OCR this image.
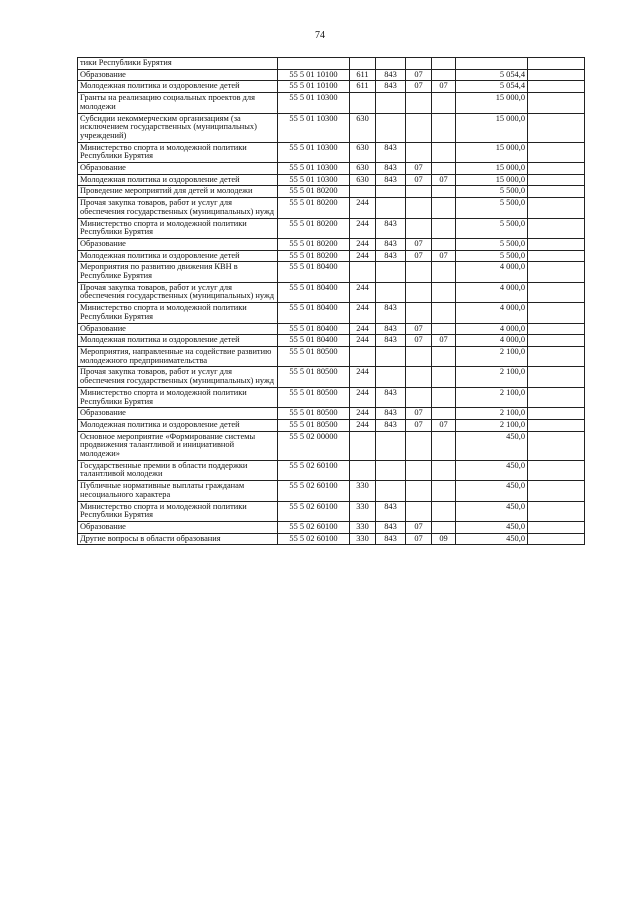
74
тики Республики Бурятия							
Образование	55 5 01 10100	611	843	07		5 054,4	
Молодежная политика и оздоровление детей	55 5 01 10100	611	843	07	07	5 054,4	
Гранты на реализацию социальных проектов для молодежи	55 5 01 10300					15 000,0	
Субсидии некоммерческим организациям (за исключением государственных (муниципальных) учреждений)	55 5 01 10300	630				15 000,0	
Министерство спорта и молодежной политики Республики Бурятия	55 5 01 10300	630	843			15 000,0	
Образование	55 5 01 10300	630	843	07		15 000,0	
Молодежная политика и оздоровление детей	55 5 01 10300	630	843	07	07	15 000,0	
Проведение мероприятий для детей и молодежи	55 5 01 80200					5 500,0	
Прочая закупка товаров, работ и услуг для обеспечения государственных (муниципальных) нужд	55 5 01 80200	244				5 500,0	
Министерство спорта и молодежной политики Республики Бурятия	55 5 01 80200	244	843			5 500,0	
Образование	55 5 01 80200	244	843	07		5 500,0	
Молодежная политика и оздоровление детей	55 5 01 80200	244	843	07	07	5 500,0	
Мероприятия по развитию движения КВН в Республике Бурятия	55 5 01 80400					4 000,0	
Прочая закупка товаров, работ и услуг для обеспечения государственных (муниципальных) нужд	55 5 01 80400	244				4 000,0	
Министерство спорта и молодежной политики Республики Бурятия	55 5 01 80400	244	843			4 000,0	
Образование	55 5 01 80400	244	843	07		4 000,0	
Молодежная политика и оздоровление детей	55 5 01 80400	244	843	07	07	4 000,0	
Мероприятия, направленные на содействие развитию молодежного предпринимательства	55 5 01 80500					2 100,0	
Прочая закупка товаров, работ и услуг для обеспечения государственных (муниципальных) нужд	55 5 01 80500	244				2 100,0	
Министерство спорта и молодежной политики Республики Бурятия	55 5 01 80500	244	843			2 100,0	
Образование	55 5 01 80500	244	843	07		2 100,0	
Молодежная политика и оздоровление детей	55 5 01 80500	244	843	07	07	2 100,0	
Основное мероприятие «Формирование системы продвижения талантливой и инициативной молодежи»	55 5 02 00000					450,0	
Государственные премии в области поддержки талантливой молодежи	55 5 02 60100					450,0	
Публичные нормативные выплаты гражданам несоциального характера	55 5 02 60100	330				450,0	
Министерство спорта и молодежной политики Республики Бурятия	55 5 02 60100	330	843			450,0	
Образование	55 5 02 60100	330	843	07		450,0	
Другие вопросы в области образования	55 5 02 60100	330	843	07	09	450,0	
